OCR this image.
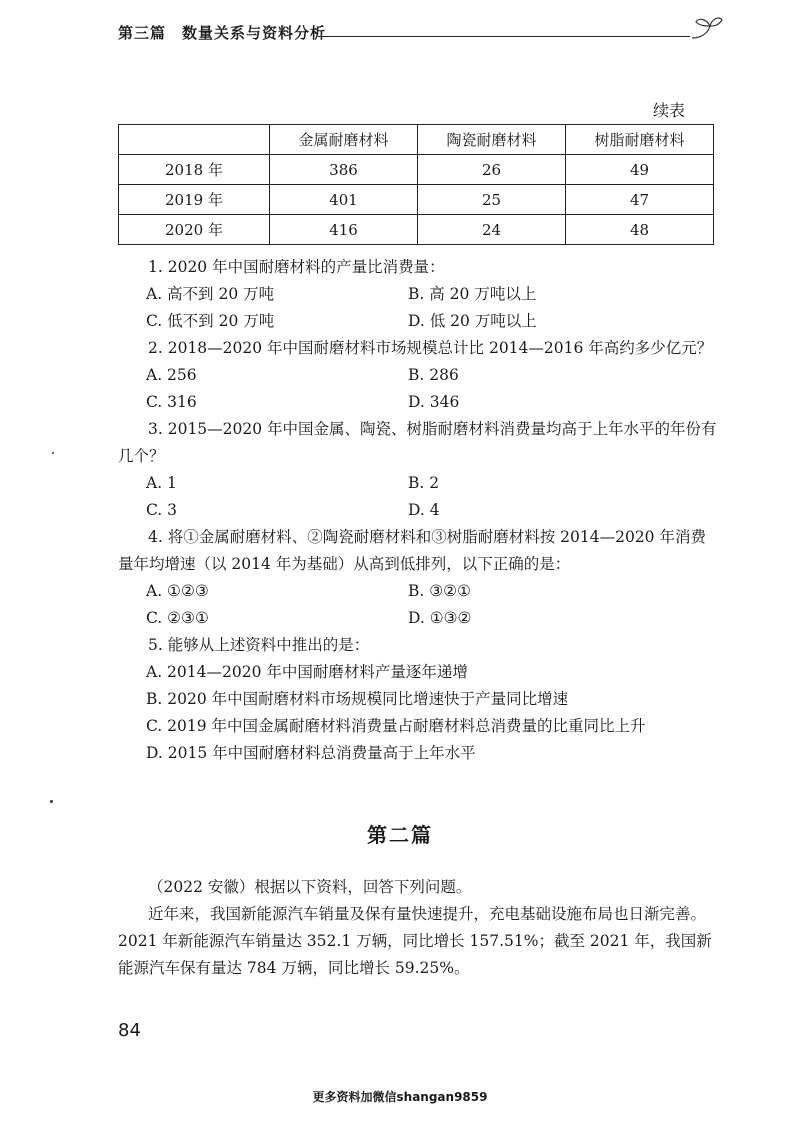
第三篇　数量关系与资料分析
续表
	金属耐磨材料	陶瓷耐磨材料	树脂耐磨材料
2018 年	386	26	49
2019 年	401	25	47
2020 年	416	24	48
1. 2020 年中国耐磨材料的产量比消费量：
A. 高不到 20 万吨	B. 高 20 万吨以上
C. 低不到 20 万吨	D. 低 20 万吨以上
2. 2018—2020 年中国耐磨材料市场规模总计比 2014—2016 年高约多少亿元？
A. 256	B. 286
C. 316	D. 346
3. 2015—2020 年中国金属、陶瓷、树脂耐磨材料消费量均高于上年水平的年份有几个？
A. 1	B. 2
C. 3	D. 4
4. 将①金属耐磨材料、②陶瓷耐磨材料和③树脂耐磨材料按 2014—2020 年消费量年均增速（以 2014 年为基础）从高到低排列，以下正确的是：
A. ①②③	B. ③②①
C. ②③①	D. ①③②
5. 能够从上述资料中推出的是：
A. 2014—2020 年中国耐磨材料产量逐年递增
B. 2020 年中国耐磨材料市场规模同比增速快于产量同比增速
C. 2019 年中国金属耐磨材料消费量占耐磨材料总消费量的比重同比上升
D. 2015 年中国耐磨材料总消费量高于上年水平
第二篇

（2022 安徽）根据以下资料，回答下列问题。

近年来，我国新能源汽车销量及保有量快速提升，充电基础设施布局也日渐完善。2021 年新能源汽车销量达 352.1 万辆，同比增长 157.51%；截至 2021 年，我国新能源汽车保有量达 784 万辆，同比增长 59.25%。

84
更多资料加微信shangan9859
